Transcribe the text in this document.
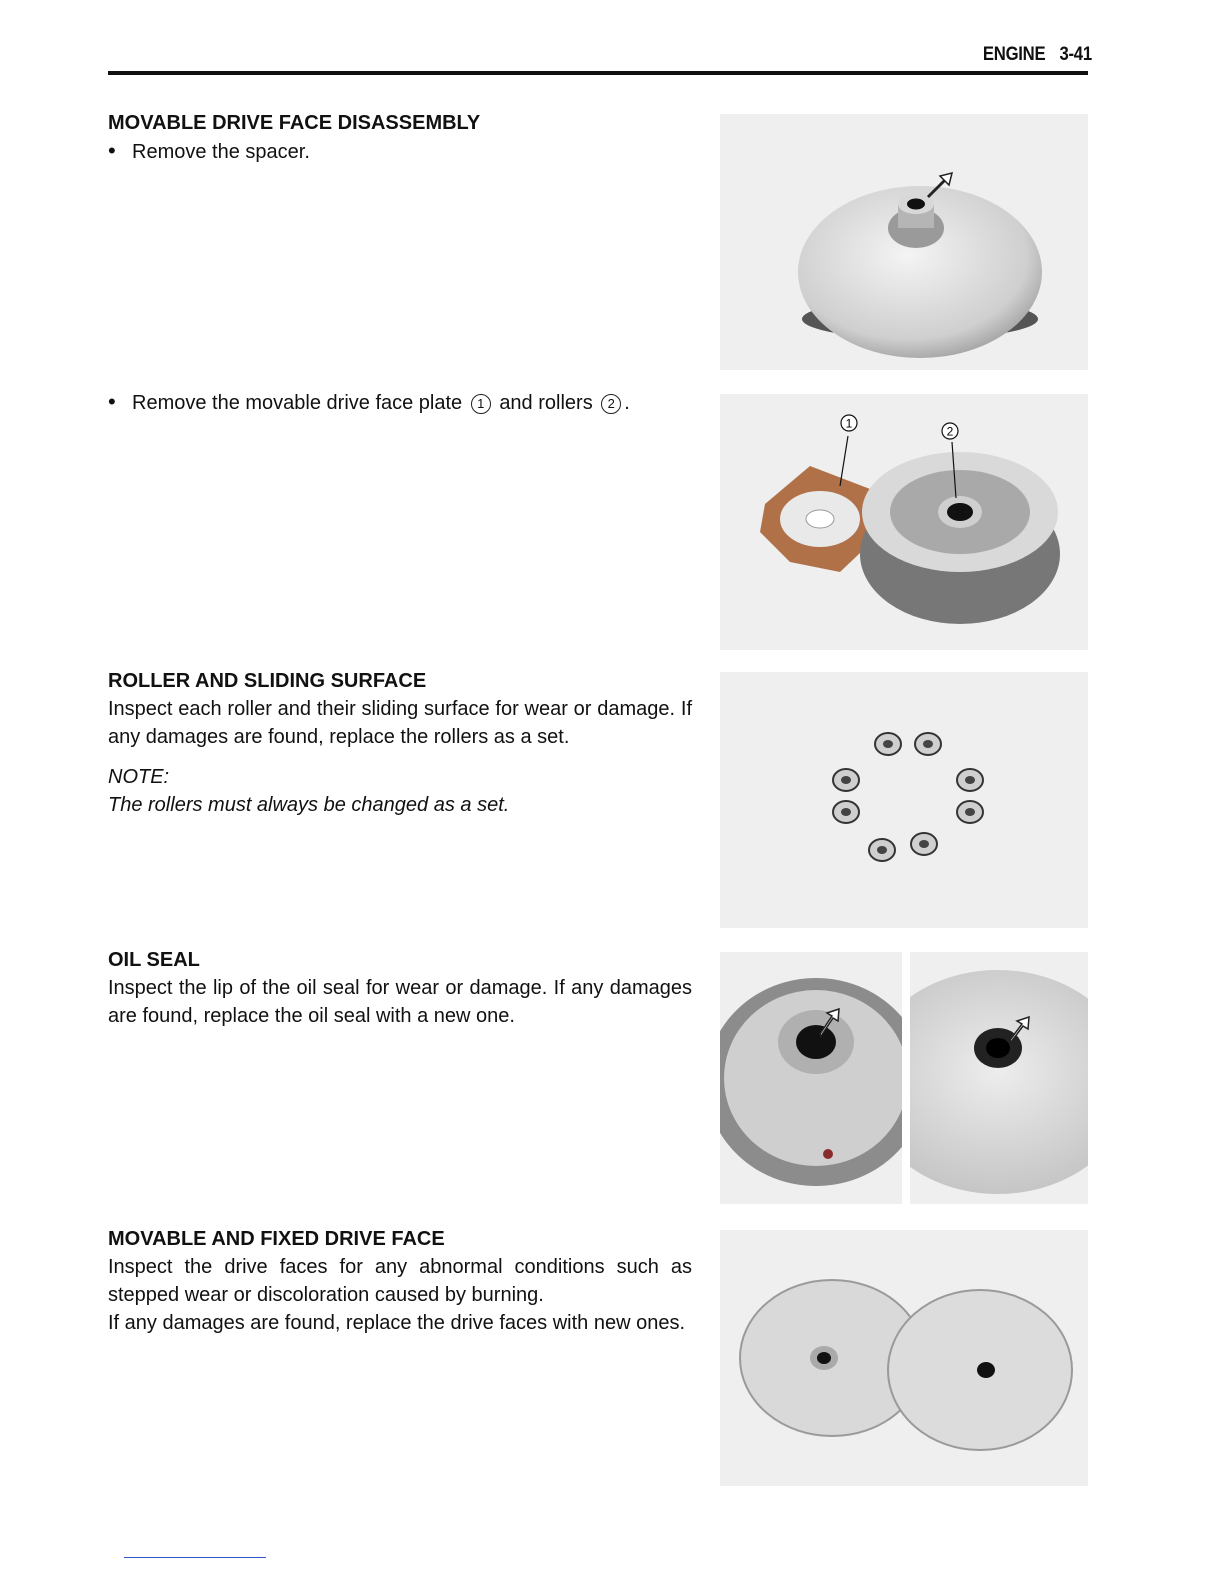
ENGINE 3-41
MOVABLE DRIVE FACE DISASSEMBLY
• Remove the spacer.
• Remove the movable drive face plate 1 and rollers 2 .
ROLLER AND SLIDING SURFACE

Inspect each roller and their sliding surface for wear or damage. If any damages are found, replace the rollers as a set.

NOTE:
The rollers must always be changed as a set.
OIL SEAL

Inspect the lip of the oil seal for wear or damage. If any damages are found, replace the oil seal with a new one.

MOVABLE AND FIXED DRIVE FACE

Inspect the drive faces for any abnormal conditions such as stepped wear or discoloration caused by burning.

If any damages are found, replace the drive faces with new ones.

1
2
